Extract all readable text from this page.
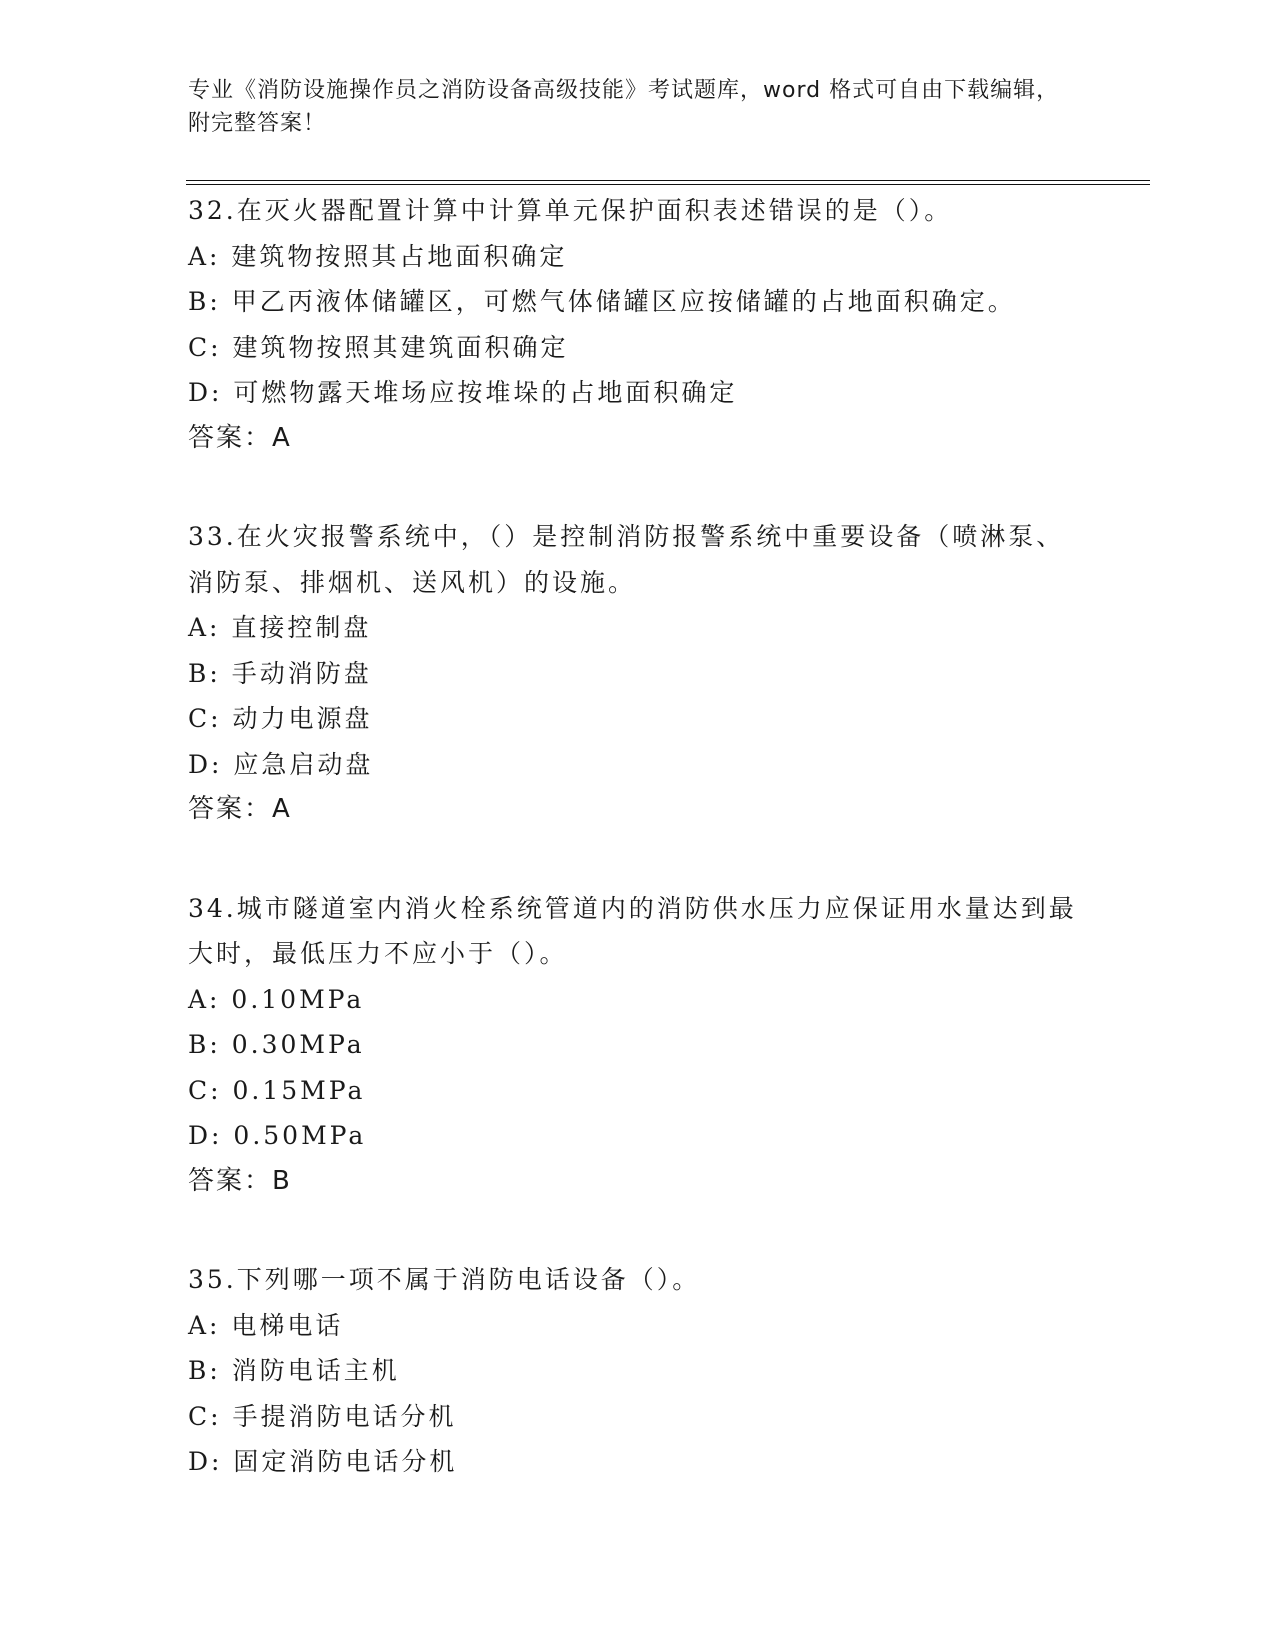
专业《消防设施操作员之消防设备高级技能》考试题库，word 格式可自由下载编辑，附完整答案！
32.在灭火器配置计算中计算单元保护面积表述错误的是（）。
A: 建筑物按照其占地面积确定
B: 甲乙丙液体储罐区，可燃气体储罐区应按储罐的占地面积确定。
C: 建筑物按照其建筑面积确定
D: 可燃物露天堆场应按堆垛的占地面积确定
答案：A
33.在火灾报警系统中，（）是控制消防报警系统中重要设备（喷淋泵、消防泵、排烟机、送风机）的设施。
A: 直接控制盘
B: 手动消防盘
C: 动力电源盘
D: 应急启动盘
答案：A
34.城市隧道室内消火栓系统管道内的消防供水压力应保证用水量达到最大时，最低压力不应小于（）。
A: 0.10MPa
B: 0.30MPa
C: 0.15MPa
D: 0.50MPa
答案：B
35.下列哪一项不属于消防电话设备（）。
A: 电梯电话
B: 消防电话主机
C: 手提消防电话分机
D: 固定消防电话分机
